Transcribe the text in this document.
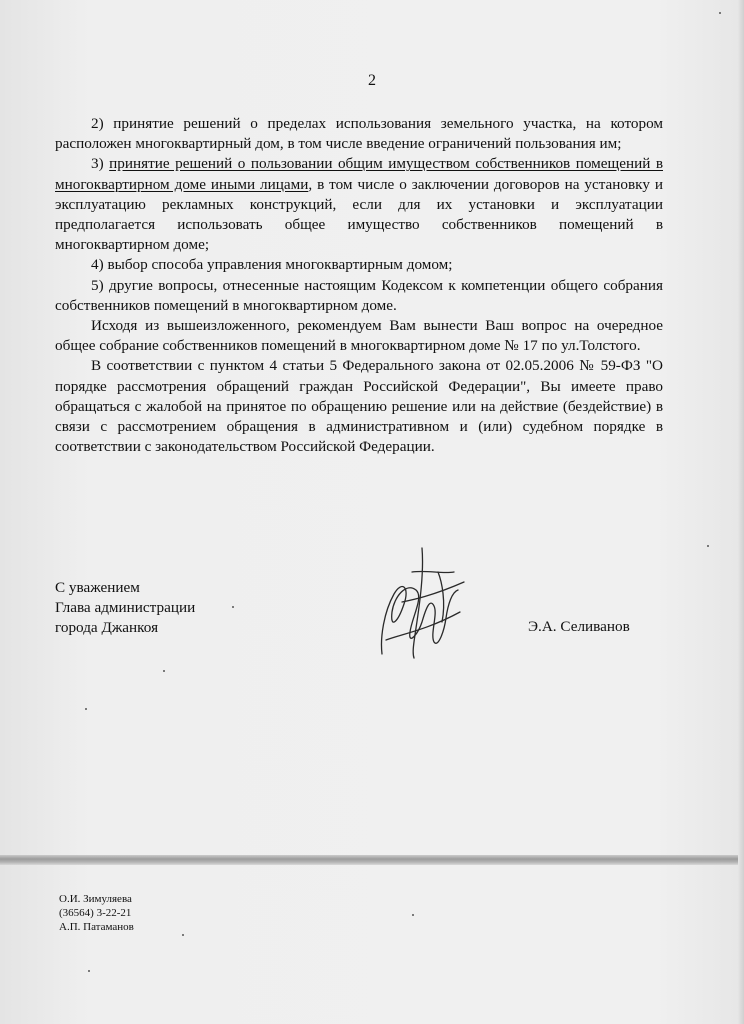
2

2) принятие решений о пределах использования земельного участка, на котором расположен многоквартирный дом, в том числе введение ограничений пользования им;

3) принятие решений о пользовании общим имуществом собственников помещений в многоквартирном доме иными лицами, в том числе о заключении договоров на установку и эксплуатацию рекламных конструкций, если для их установки и эксплуатации предполагается использовать общее имущество собственников помещений в многоквартирном доме;

4) выбор способа управления многоквартирным домом;

5) другие вопросы, отнесенные настоящим Кодексом к компетенции общего собрания собственников помещений в многоквартирном доме.

Исходя из вышеизложенного, рекомендуем Вам вынести Ваш вопрос на очередное общее собрание собственников помещений в многоквартирном доме № 17 по ул.Толстого.

В соответствии с пунктом 4 статьи 5 Федерального закона от 02.05.2006 № 59-ФЗ "О порядке рассмотрения обращений граждан Российской Федерации", Вы имеете право обращаться с жалобой на принятое по обращению решение или на действие (бездействие) в связи с рассмотрением обращения в административном и (или) судебном порядке в соответствии с законодательством Российской Федерации.

С уважением
Глава администрации
города Джанкоя	Э.А. Селиванов
О.И. Зимуляева
(36564) 3-22-21
А.П. Патаманов
